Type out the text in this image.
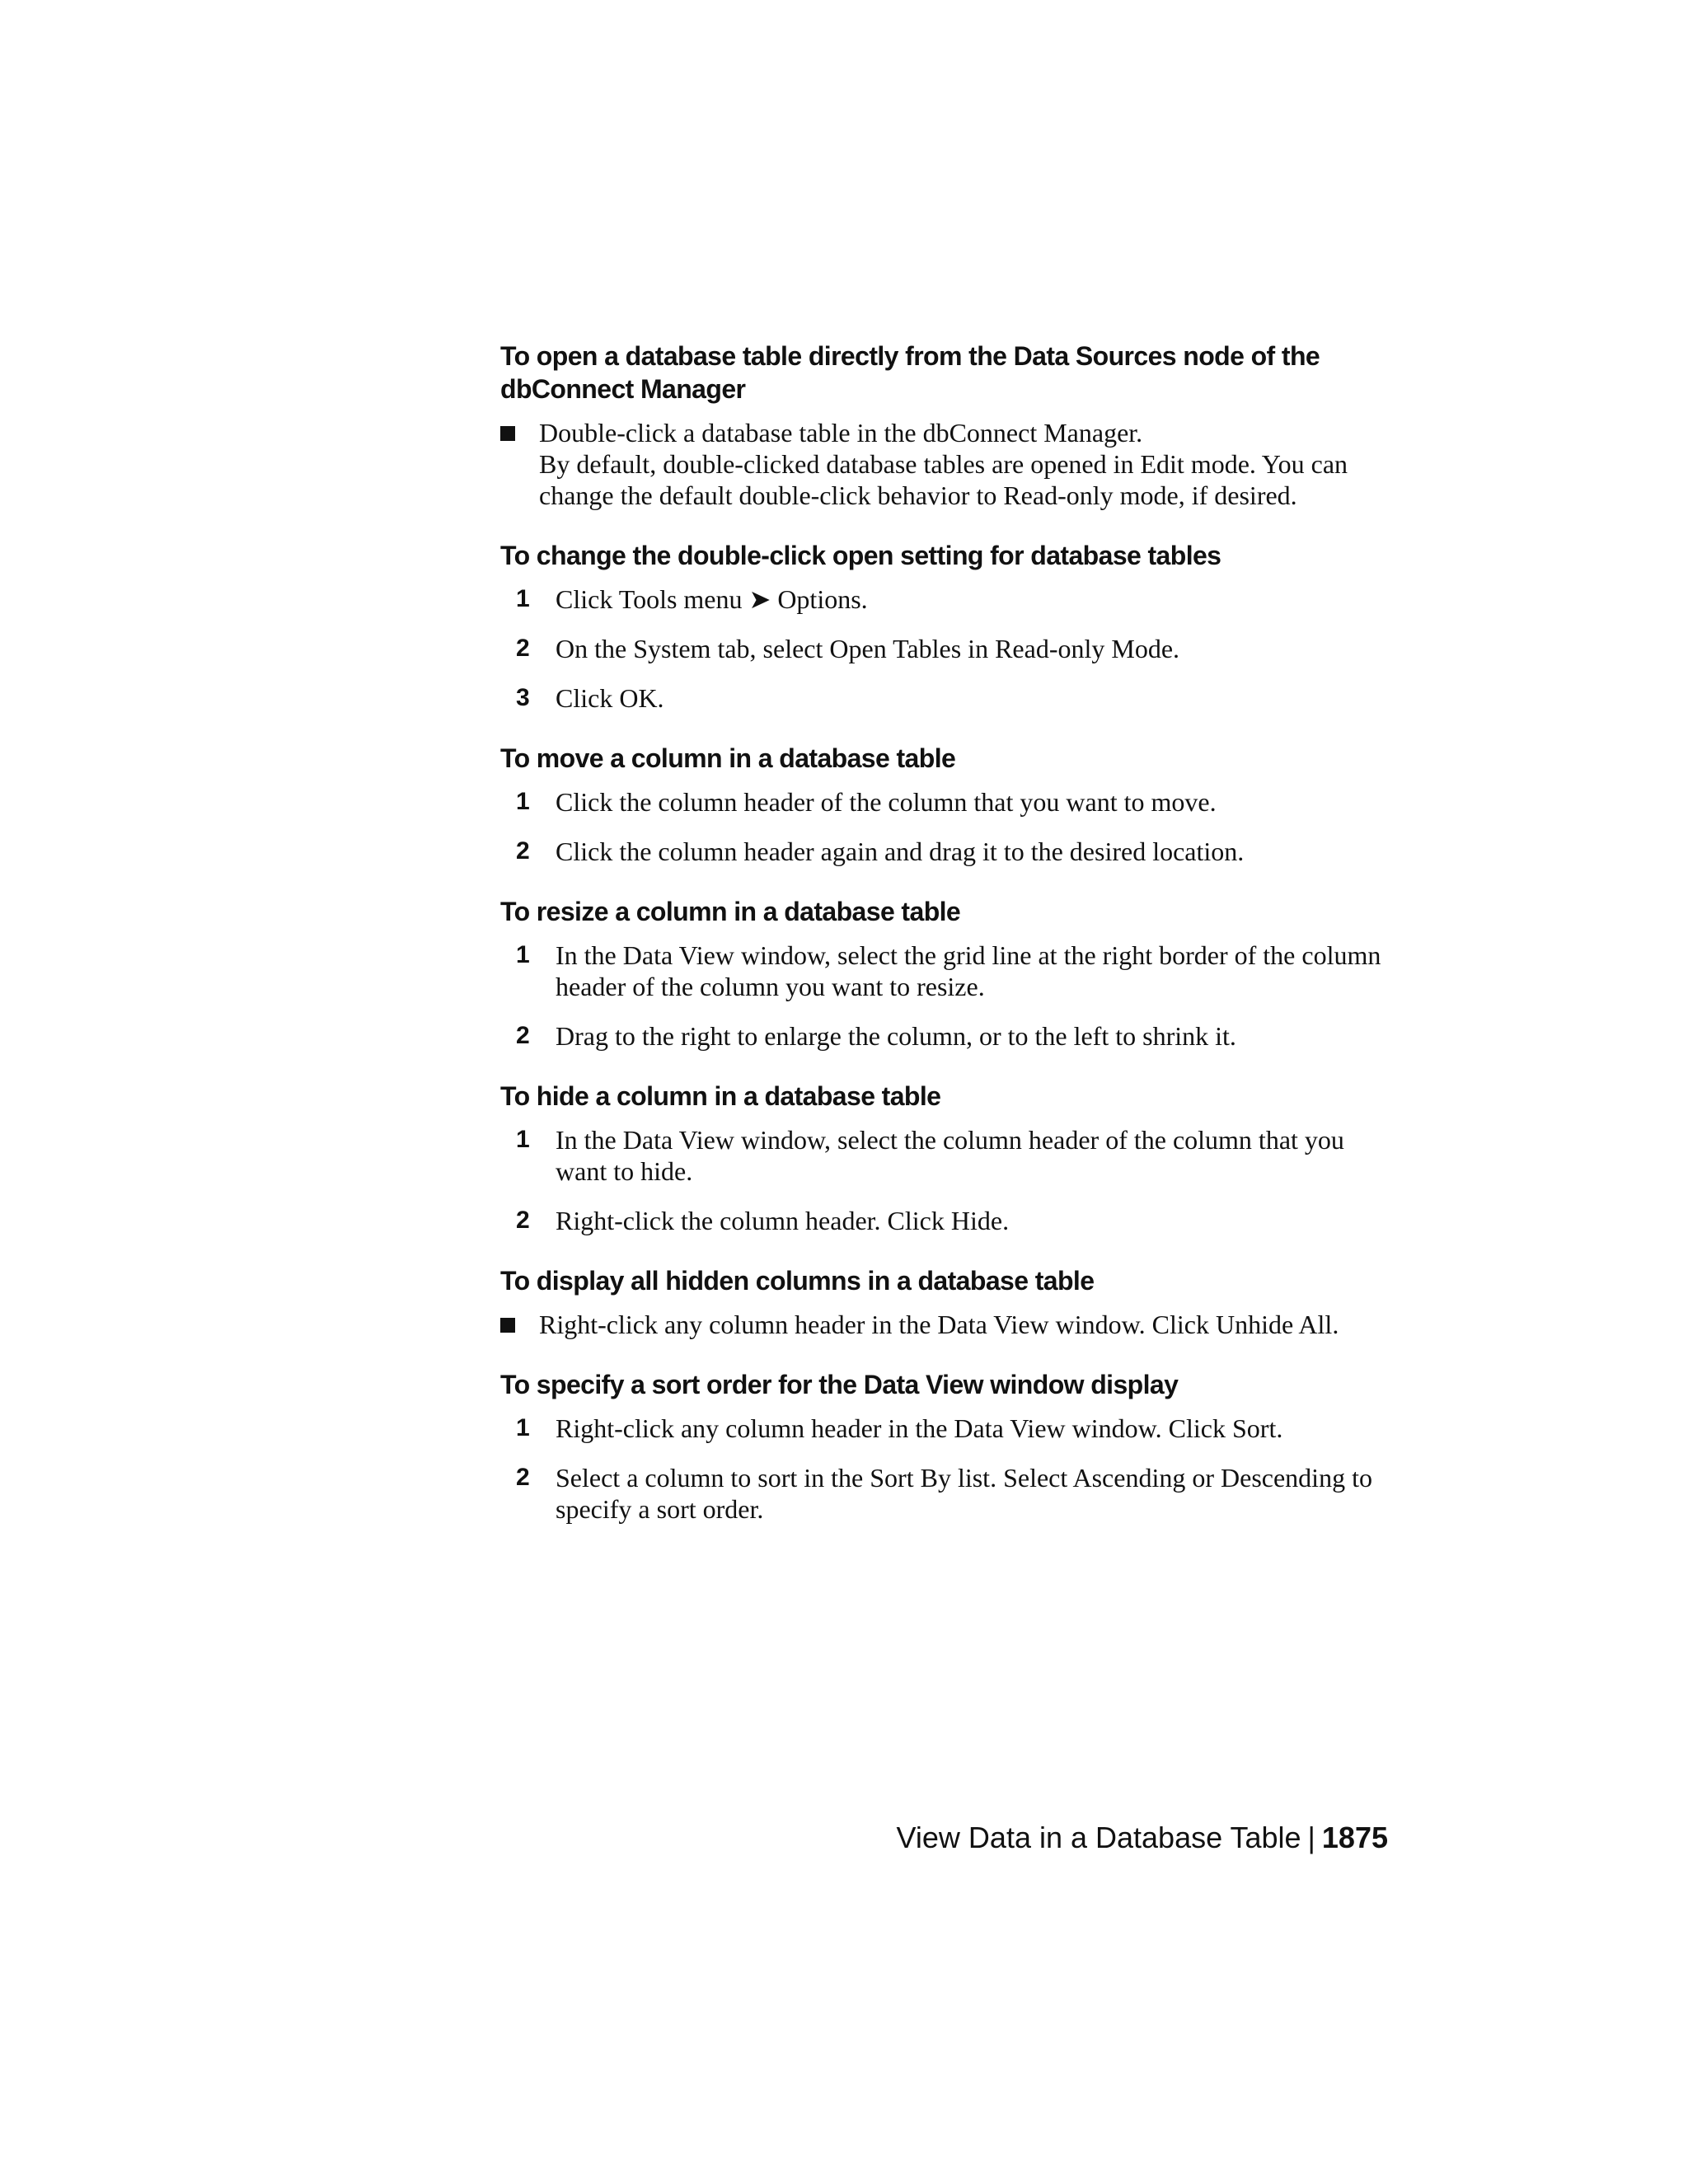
To open a database table directly from the Data Sources node of the dbConnect Manager
Double-click a database table in the dbConnect Manager.
By default, double-clicked database tables are opened in Edit mode. You can change the default double-click behavior to Read-only mode, if desired.
To change the double-click open setting for database tables
1 Click Tools menu ➤ Options.
2 On the System tab, select Open Tables in Read-only Mode.
3 Click OK.
To move a column in a database table
1 Click the column header of the column that you want to move.
2 Click the column header again and drag it to the desired location.
To resize a column in a database table
1 In the Data View window, select the grid line at the right border of the column header of the column you want to resize.
2 Drag to the right to enlarge the column, or to the left to shrink it.
To hide a column in a database table
1 In the Data View window, select the column header of the column that you want to hide.
2 Right-click the column header. Click Hide.
To display all hidden columns in a database table
Right-click any column header in the Data View window. Click Unhide All.
To specify a sort order for the Data View window display
1 Right-click any column header in the Data View window. Click Sort.
2 Select a column to sort in the Sort By list. Select Ascending or Descending to specify a sort order.
View Data in a Database Table | 1875
